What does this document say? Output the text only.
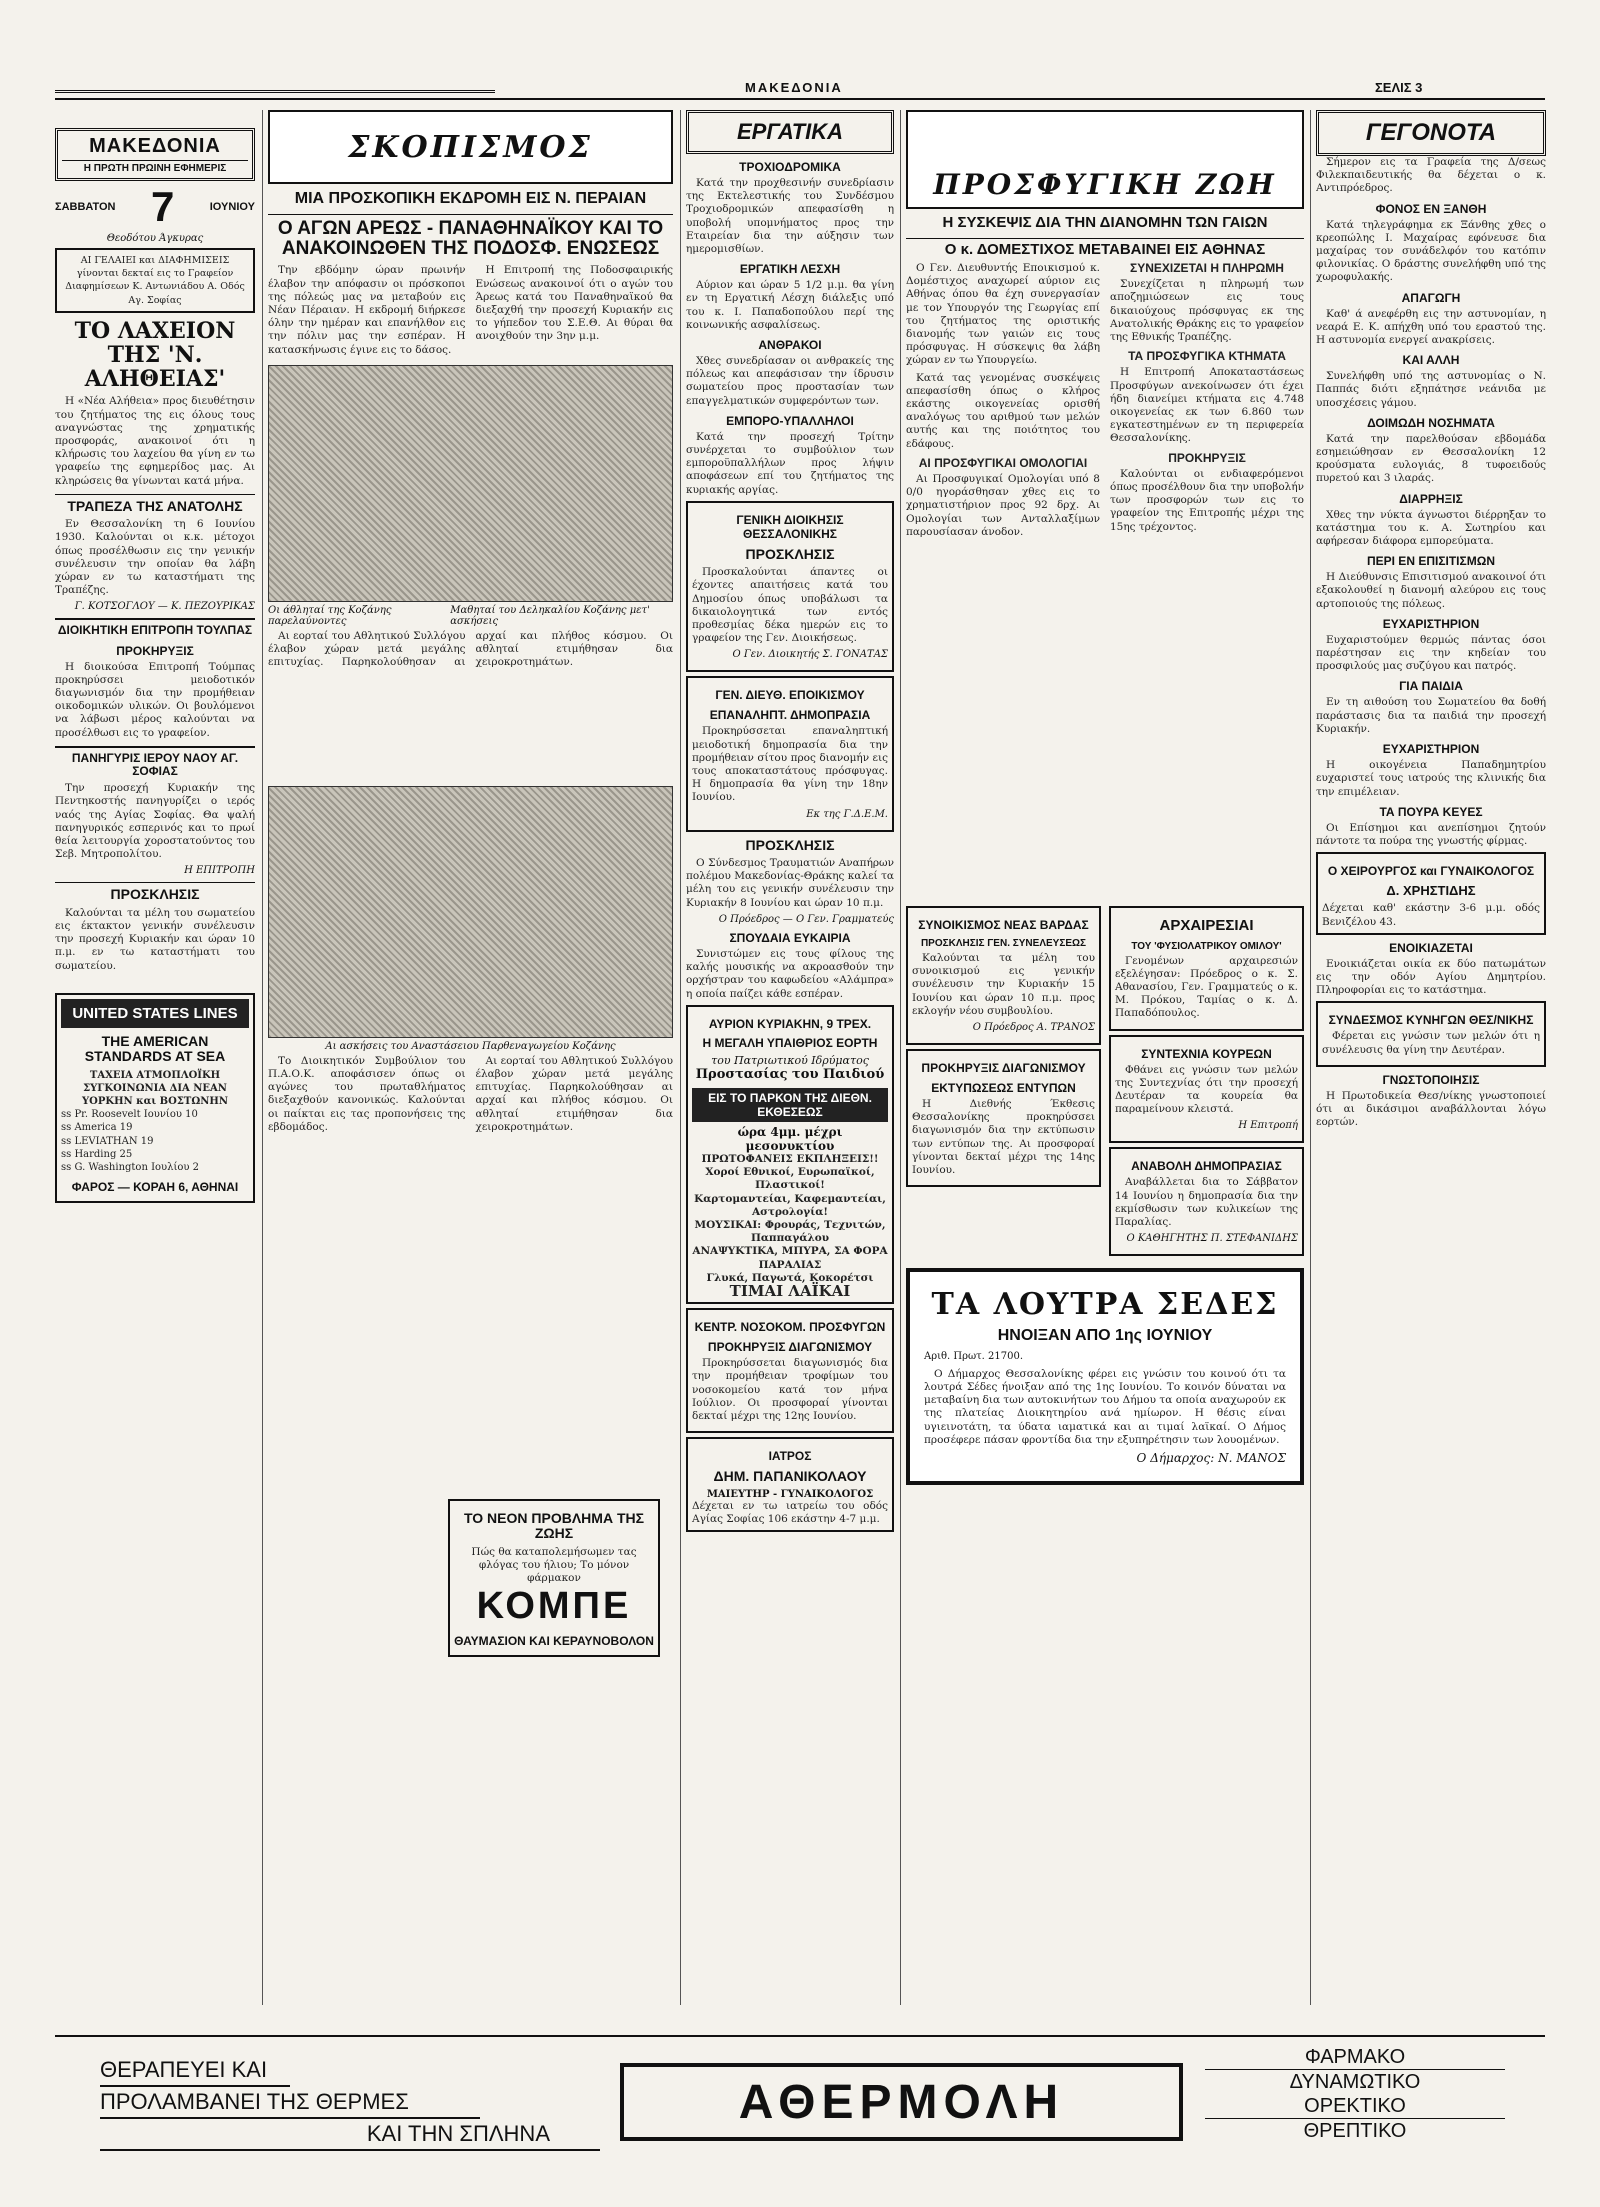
ΜΑΚΕΔΟΝΙΑ	ΣΕΛΙΣ 3
ΜΑΚΕΔΟΝΙΑ
Η ΠΡΩΤΗ ΠΡΩΙΝΗ ΕΦΗΜΕΡΙΣ
ΣΑΒΒΑΤΟΝ 7	ΙΟΥΝΙΟΥ
Θεοδότου Άγκυρας
ΑΙ ΓΕΛΑΙΕΙ και ΔΙΑΦΗΜΙΣΕΙΣ γίνονται δεκταί εις το Γραφείον Διαφημίσεων Κ. Αντωνιάδου Α. Οδός Αγ. Σοφίας
ΤΟ ΛΑΧΕΙΟΝ ΤΗΣ 'Ν. ΑΛΗΘΕΙΑΣ'

Η «Νέα Αλήθεια» προς διευθέτησιν του ζητήματος της εις όλους τους αναγνώστας της χρηματικής προσφοράς, ανακοινοί ότι η κλήρωσις του λαχείου θα γίνη εν τω γραφείω της εφημερίδος μας. Αι κληρώσεις θα γίνωνται κατά μήνα.

ΤΡΑΠΕΖΑ ΤΗΣ ΑΝΑΤΟΛΗΣ

Εν Θεσσαλονίκη τη 6 Ιουνίου 1930. Καλούνται οι κ.κ. μέτοχοι όπως προσέλθωσιν εις την γενικήν συνέλευσιν την οποίαν θα λάβη χώραν εν τω καταστήματι της Τραπέζης.

Γ. ΚΟΤΣΟΓΛΟΥ — Κ. ΠΕΖΟΥΡΙΚΑΣ
ΔΙΟΙΚΗΤΙΚΗ ΕΠΙΤΡΟΠΗ ΤΟΥΛΠΑΣ
ΠΡΟΚΗΡΥΞΙΣ

Η διοικούσα Επιτροπή Τούμπας προκηρύσσει μειοδοτικόν διαγωνισμόν δια την προμήθειαν οικοδομικών υλικών. Οι βουλόμενοι να λάβωσι μέρος καλούνται να προσέλθωσι εις το γραφείον.

ΠΑΝΗΓΥΡΙΣ ΙΕΡΟΥ ΝΑΟΥ ΑΓ. ΣΟΦΙΑΣ

Την προσεχή Κυριακήν της Πεντηκοστής πανηγυρίζει ο ιερός ναός της Αγίας Σοφίας. Θα ψαλή πανηγυρικός εσπερινός και το πρωί θεία λειτουργία χοροστατούντος του Σεβ. Μητροπολίτου.

Η ΕΠΙΤΡΟΠΗ
ΠΡΟΣΚΛΗΣΙΣ

Καλούνται τα μέλη του σωματείου εις έκτακτον γενικήν συνέλευσιν την προσεχή Κυριακήν και ώραν 10 π.μ. εν τω καταστήματι του σωματείου.

UNITED STATES LINES
THE AMERICAN STANDARDS AT SEA
ΤΑΧΕΙΑ ΑΤΜΟΠΛΟΪΚΗ ΣΥΓΚΟΙΝΩΝΙΑ ΔΙΑ ΝΕΑΝ ΥΟΡΚΗΝ και ΒΟΣΤΩΝΗΝ
ss Pr. Roosevelt Ιουνίου 10
ss America 19
ss LEVIATHAN 19
ss Harding 25
ss G. Washington Ιουλίου 2
ΦΑΡΟΣ — ΚΟΡΑΗ 6, ΑΘΗΝΑΙ
ΣΚΟΠΙΣΜΟΣ
ΜΙΑ ΠΡΟΣΚΟΠΙΚΗ ΕΚΔΡΟΜΗ ΕΙΣ Ν. ΠΕΡΑΙΑΝ
Ο ΑΓΩΝ ΑΡΕΩΣ - ΠΑΝΑΘΗΝΑΪΚΟΥ ΚΑΙ ΤΟ ΑΝΑΚΟΙΝΩΘΕΝ ΤΗΣ ΠΟΔΟΣΦ. ΕΝΩΣΕΩΣ

Την εβδόμην ώραν πρωινήν έλαβον την απόφασιν οι πρόσκοποι της πόλεώς μας να μεταβούν εις Νέαν Πέραιαν. Η εκδρομή διήρκεσε όλην την ημέραν και επανήλθον εις την πόλιν μας την εσπέραν. Η κατασκήνωσις έγινε εις το δάσος.

Η Επιτροπή της Ποδοσφαιρικής Ενώσεως ανακοινοί ότι ο αγών του Άρεως κατά του Παναθηναϊκού θα διεξαχθή την προσεχή Κυριακήν εις το γήπεδον του Σ.Ε.Θ. Αι θύραι θα ανοιχθούν την 3ην μ.μ.

Οι άθληταί της Κοζάνης παρελαύνοντες
Μαθηταί του Δεληκαλίου Κοζάνης μετ' ασκήσεις

Αι εορταί του Αθλητικού Συλλόγου έλαβον χώραν μετά μεγάλης επιτυχίας. Παρηκολούθησαν αι αρχαί και πλήθος κόσμου. Οι αθληταί ετιμήθησαν δια χειροκροτημάτων.

Αι ασκήσεις του Αναστάσειου Παρθεναγωγείου Κοζάνης

Το Διοικητικόν Συμβούλιον του Π.Α.Ο.Κ. αποφάσισεν όπως οι αγώνες του πρωταθλήματος διεξαχθούν κανονικώς. Καλούνται οι παίκται εις τας προπονήσεις της εβδομάδος.

Αι εορταί του Αθλητικού Συλλόγου έλαβον χώραν μετά μεγάλης επιτυχίας. Παρηκολούθησαν αι αρχαί και πλήθος κόσμου. Οι αθληταί ετιμήθησαν δια χειροκροτημάτων.

ΤΟ ΝΕΟΝ ΠΡΟΒΛΗΜΑ ΤΗΣ ΖΩΗΣ
Πώς θα καταπολεμήσωμεν τας φλόγας του ήλιου; Το μόνον φάρμακον
ΚΟΜΠΕ
ΘΑΥΜΑΣΙΟΝ ΚΑΙ ΚΕΡΑΥΝΟΒΟΛΟΝ
ΕΡΓΑΤΙΚΑ
ΤΡΟΧΙΟΔΡΟΜΙΚΑ

Κατά την προχθεσινήν συνεδρίασιν της Εκτελεστικής του Συνδέσμου Τροχιοδρομικών απεφασίσθη η υποβολή υπομνήματος προς την Εταιρείαν δια την αύξησιν των ημερομισθίων.

ΕΡΓΑΤΙΚΗ ΛΕΣΧΗ

Αύριον και ώραν 5 1/2 μ.μ. θα γίνη εν τη Εργατική Λέσχη διάλεξις υπό του κ. Ι. Παπαδοπούλου περί της κοινωνικής ασφαλίσεως.

ΑΝΘΡΑΚΟΙ

Χθες συνεδρίασαν οι ανθρακείς της πόλεως και απεφάσισαν την ίδρυσιν σωματείου προς προστασίαν των επαγγελματικών συμφερόντων των.

ΕΜΠΟΡΟ-ΥΠΑΛΛΗΛΟΙ

Κατά την προσεχή Τρίτην συνέρχεται το συμβούλιον των εμποροϋπαλλήλων προς λήψιν αποφάσεων επί του ζητήματος της κυριακής αργίας.

ΓΕΝΙΚΗ ΔΙΟΙΚΗΣΙΣ ΘΕΣΣΑΛΟΝΙΚΗΣ
ΠΡΟΣΚΛΗΣΙΣ

Προσκαλούνται άπαντες οι έχοντες απαιτήσεις κατά του Δημοσίου όπως υποβάλωσι τα δικαιολογητικά των εντός προθεσμίας δέκα ημερών εις το γραφείον της Γεν. Διοικήσεως.

Ο Γεν. Διοικητής Σ. ΓΟΝΑΤΑΣ
ΓΕΝ. ΔΙΕΥΘ. ΕΠΟΙΚΙΣΜΟΥ
ΕΠΑΝΑΛΗΠΤ. ΔΗΜΟΠΡΑΣΙΑ

Προκηρύσσεται επαναληπτική μειοδοτική δημοπρασία δια την προμήθειαν σίτου προς διανομήν εις τους αποκαταστάτους πρόσφυγας. Η δημοπρασία θα γίνη την 18ην Ιουνίου.

Εκ της Γ.Δ.Ε.Μ.
ΠΡΟΣΚΛΗΣΙΣ

Ο Σύνδεσμος Τραυματιών Αναπήρων πολέμου Μακεδονίας-Θράκης καλεί τα μέλη του εις γενικήν συνέλευσιν την Κυριακήν 8 Ιουνίου και ώραν 10 π.μ.

Ο Πρόεδρος — Ο Γεν. Γραμματεύς
ΣΠΟΥΔΑΙΑ ΕΥΚΑΙΡΙΑ

Συνιστώμεν εις τους φίλους της καλής μουσικής να ακροασθούν την ορχήστραν του καφωδείου «Αλάμπρα» η οποία παίζει κάθε εσπέραν.

ΑΥΡΙΟΝ ΚΥΡΙΑΚΗΝ, 9 ΤΡΕΧ.
Η ΜΕΓΑΛΗ ΥΠΑΙΘΡΙΟΣ ΕΟΡΤΗ
του Πατριωτικού Ιδρύματος
Προστασίας του Παιδιού
ΕΙΣ ΤΟ ΠΑΡΚΟΝ ΤΗΣ ΔΙΕΘΝ. ΕΚΘΕΣΕΩΣ
ώρα 4μμ. μέχρι μεσονυκτίου
ΠΡΩΤΟΦΑΝΕΙΣ ΕΚΠΛΗΞΕΙΣ!!
Χοροί Εθνικοί, Ευρωπαϊκοί, Πλαστικοί!
Καρτομαντείαι, Καφεμαντείαι, Αστρολογία!
ΜΟΥΣΙΚΑΙ: Φρουράς, Τεχνιτών, Παππαγάλου
ΑΝΑΨΥΚΤΙΚΑ, ΜΠΥΡΑ, ΣΑ ΦΟΡΑ ΠΑΡΑΛΙΑΣ
Γλυκά, Παγωτά, Κοκορέτσι
ΤΙΜΑΙ ΛΑΪΚΑΙ
ΚΕΝΤΡ. ΝΟΣΟΚΟΜ. ΠΡΟΣΦΥΓΩΝ
ΠΡΟΚΗΡΥΞΙΣ ΔΙΑΓΩΝΙΣΜΟΥ

Προκηρύσσεται διαγωνισμός δια την προμήθειαν τροφίμων του νοσοκομείου κατά τον μήνα Ιούλιον. Οι προσφοραί γίνονται δεκταί μέχρι της 12ης Ιουνίου.

ΙΑΤΡΟΣ
ΔΗΜ. ΠΑΠΑΝΙΚΟΛΑΟΥ
ΜΑΙΕΥΤΗΡ - ΓΥΝΑΙΚΟΛΟΓΟΣ
Δέχεται εν τω ιατρείω του οδός Αγίας Σοφίας 106 εκάστην 4-7 μ.μ.
ΠΡΟΣΦΥΓΙΚΗ ΖΩΗ
Η ΣΥΣΚΕΨΙΣ ΔΙΑ ΤΗΝ ΔΙΑΝΟΜΗΝ ΤΩΝ ΓΑΙΩΝ
Ο κ. ΔΟΜΕΣΤΙΧΟΣ ΜΕΤΑΒΑΙΝΕΙ ΕΙΣ ΑΘΗΝΑΣ

Ο Γεν. Διευθυντής Εποικισμού κ. Δομέστιχος αναχωρεί αύριον εις Αθήνας όπου θα έχη συνεργασίαν με τον Υπουργόν της Γεωργίας επί του ζητήματος της οριστικής διανομής των γαιών εις τους πρόσφυγας. Η σύσκεψις θα λάβη χώραν εν τω Υπουργείω.

Κατά τας γενομένας συσκέψεις απεφασίσθη όπως ο κλήρος εκάστης οικογενείας ορισθή αναλόγως του αριθμού των μελών αυτής και της ποιότητος του εδάφους.

ΑΙ ΠΡΟΣΦΥΓΙΚΑΙ ΟΜΟΛΟΓΙΑΙ

Αι Προσφυγικαί Ομολογίαι υπό 8 0/0 ηγοράσθησαν χθες εις το χρηματιστήριον προς 92 δρχ. Αι Ομολογίαι των Ανταλλαξίμων παρουσίασαν άνοδον.

ΣΥΝΕΧΙΖΕΤΑΙ Η ΠΛΗΡΩΜΗ

Συνεχίζεται η πληρωμή των αποζημιώσεων εις τους δικαιούχους πρόσφυγας εκ της Ανατολικής Θράκης εις το γραφείον της Εθνικής Τραπέζης.

ΤΑ ΠΡΟΣΦΥΓΙΚΑ ΚΤΗΜΑΤΑ

Η Επιτροπή Αποκαταστάσεως Προσφύγων ανεκοίνωσεν ότι έχει ήδη διανείμει κτήματα εις 4.748 οικογενείας εκ των 6.860 των εγκατεστημένων εν τη περιφερεία Θεσσαλονίκης.

ΠΡΟΚΗΡΥΞΙΣ

Καλούνται οι ενδιαφερόμενοι όπως προσέλθουν δια την υποβολήν των προσφορών των εις το γραφείον της Επιτροπής μέχρι της 15ης τρέχοντος.

ΣΥΝΟΙΚΙΣΜΟΣ ΝΕΑΣ ΒΑΡΔΑΣ
ΠΡΟΣΚΛΗΣΙΣ ΓΕΝ. ΣΥΝΕΛΕΥΣΕΩΣ

Καλούνται τα μέλη του συνοικισμού εις γενικήν συνέλευσιν την Κυριακήν 15 Ιουνίου και ώραν 10 π.μ. προς εκλογήν νέου συμβουλίου.

Ο Πρόεδρος Α. ΤΡΑΝΟΣ
ΠΡΟΚΗΡΥΞΙΣ ΔΙΑΓΩΝΙΣΜΟΥ
ΕΚΤΥΠΩΣΕΩΣ ΕΝΤΥΠΩΝ

Η Διεθνής Έκθεσις Θεσσαλονίκης προκηρύσσει διαγωνισμόν δια την εκτύπωσιν των εντύπων της. Αι προσφοραί γίνονται δεκταί μέχρι της 14ης Ιουνίου.

ΑΡΧΑΙΡΕΣΙΑΙ
ΤΟΥ 'ΦΥΣΙΟΛΑΤΡΙΚΟΥ ΟΜΙΛΟΥ'

Γενομένων αρχαιρεσιών εξελέγησαν: Πρόεδρος ο κ. Σ. Αθανασίου, Γεν. Γραμματεύς ο κ. Μ. Πρόκου, Ταμίας ο κ. Δ. Παπαδόπουλος.

ΣΥΝΤΕΧΝΙΑ ΚΟΥΡΕΩΝ

Φθάνει εις γνώσιν των μελών της Συντεχνίας ότι την προσεχή Δευτέραν τα κουρεία θα παραμείνουν κλειστά.

Η Επιτροπή
ΑΝΑΒΟΛΗ ΔΗΜΟΠΡΑΣΙΑΣ

Αναβάλλεται δια το Σάββατον 14 Ιουνίου η δημοπρασία δια την εκμίσθωσιν των κυλικείων της Παραλίας.

Ο ΚΑΘΗΓΗΤΗΣ Π. ΣΤΕΦΑΝΙΔΗΣ
ΤΑ ΛΟΥΤΡΑ ΣΕΔΕΣ
ΗΝΟΙΞΑΝ ΑΠΟ 1ης ΙΟΥΝΙΟΥ
Αριθ. Πρωτ. 21700.

Ο Δήμαρχος Θεσσαλονίκης φέρει εις γνώσιν του κοινού ότι τα λουτρά Σέδες ήνοιξαν από της 1ης Ιουνίου. Το κοινόν δύναται να μεταβαίνη δια των αυτοκινήτων του Δήμου τα οποία αναχωρούν εκ της πλατείας Διοικητηρίου ανά ημίωρον. Η θέσις είναι υγιεινοτάτη, τα ύδατα ιαματικά και αι τιμαί λαϊκαί. Ο Δήμος προσέφερε πάσαν φροντίδα δια την εξυπηρέτησιν των λουομένων.

Ο Δήμαρχος: Ν. ΜΑΝΟΣ
ΓΕΓΟΝΟΤΑ

Σήμερον εις τα Γραφεία της Δ/σεως Φιλεκπαιδευτικής θα δέχεται ο κ. Αντιπρόεδρος.

ΦΟΝΟΣ ΕΝ ΞΑΝΘΗ

Κατά τηλεγράφημα εκ Ξάνθης χθες ο κρεοπώλης Ι. Μαχαίρας εφόνευσε δια μαχαίρας τον συνάδελφόν του κατόπιν φιλονικίας. Ο δράστης συνελήφθη υπό της χωροφυλακής.

ΑΠΑΓΩΓΗ

Καθ' ά ανεφέρθη εις την αστυνομίαν, η νεαρά Ε. Κ. απήχθη υπό του εραστού της. Η αστυνομία ενεργεί ανακρίσεις.

ΚΑΙ ΑΛΛΗ

Συνελήφθη υπό της αστυνομίας ο Ν. Παππάς διότι εξηπάτησε νεάνιδα με υποσχέσεις γάμου.

ΔΟΙΜΩΔΗ ΝΟΣΗΜΑΤΑ

Κατά την παρελθούσαν εβδομάδα εσημειώθησαν εν Θεσσαλονίκη 12 κρούσματα ευλογιάς, 8 τυφοειδούς πυρετού και 3 ιλαράς.

ΔΙΑΡΡΗΞΙΣ

Χθες την νύκτα άγνωστοι διέρρηξαν το κατάστημα του κ. Α. Σωτηρίου και αφήρεσαν διάφορα εμπορεύματα.

ΠΕΡΙ ΕΝ ΕΠΙΣΙΤΙΣΜΩΝ

Η Διεύθυνσις Επισιτισμού ανακοινοί ότι εξακολουθεί η διανομή αλεύρου εις τους αρτοποιούς της πόλεως.

ΕΥΧΑΡΙΣΤΗΡΙΟΝ

Ευχαριστούμεν θερμώς πάντας όσοι παρέστησαν εις την κηδείαν του προσφιλούς μας συζύγου και πατρός.

ΓΙΑ ΠΑΙΔΙΑ

Εν τη αιθούση του Σωματείου θα δοθή παράστασις δια τα παιδιά την προσεχή Κυριακήν.

ΕΥΧΑΡΙΣΤΗΡΙΟΝ

Η οικογένεια Παπαδημητρίου ευχαριστεί τους ιατρούς της κλινικής δια την επιμέλειαν.

ΤΑ ΠΟΥΡΑ ΚΕΥΕΣ

Οι Επίσημοι και ανεπίσημοι ζητούν πάντοτε τα πούρα της γνωστής φίρμας.

Ο ΧΕΙΡΟΥΡΓΟΣ και ΓΥΝΑΙΚΟΛΟΓΟΣ
Δ. ΧΡΗΣΤΙΔΗΣ
Δέχεται καθ' εκάστην 3-6 μ.μ. οδός Βενιζέλου 43.
ΕΝΟΙΚΙΑΖΕΤΑΙ

Ενοικιάζεται οικία εκ δύο πατωμάτων εις την οδόν Αγίου Δημητρίου. Πληροφορίαι εις το κατάστημα.

ΣΥΝΔΕΣΜΟΣ ΚΥΝΗΓΩΝ ΘΕΣ/ΝΙΚΗΣ

Φέρεται εις γνώσιν των μελών ότι η συνέλευσις θα γίνη την Δευτέραν.

ΓΝΩΣΤΟΠΟΙΗΣΙΣ

Η Πρωτοδικεία Θεσ/νίκης γνωστοποιεί ότι αι δικάσιμοι αναβάλλονται λόγω εορτών.

ΘΕΡΑΠΕΥΕΙ ΚΑΙ
ΠΡΟΛΑΜΒΑΝΕΙ ΤΗΣ ΘΕΡΜΕΣ
ΚΑΙ ΤΗΝ ΣΠΛΗΝΑ
ΑΘΕΡΜΟΛΗ
ΦΑΡΜΑΚΟ
ΔΥΝΑΜΩΤΙΚΟ
ΟΡΕΚΤΙΚΟ
ΘΡΕΠΤΙΚΟ
